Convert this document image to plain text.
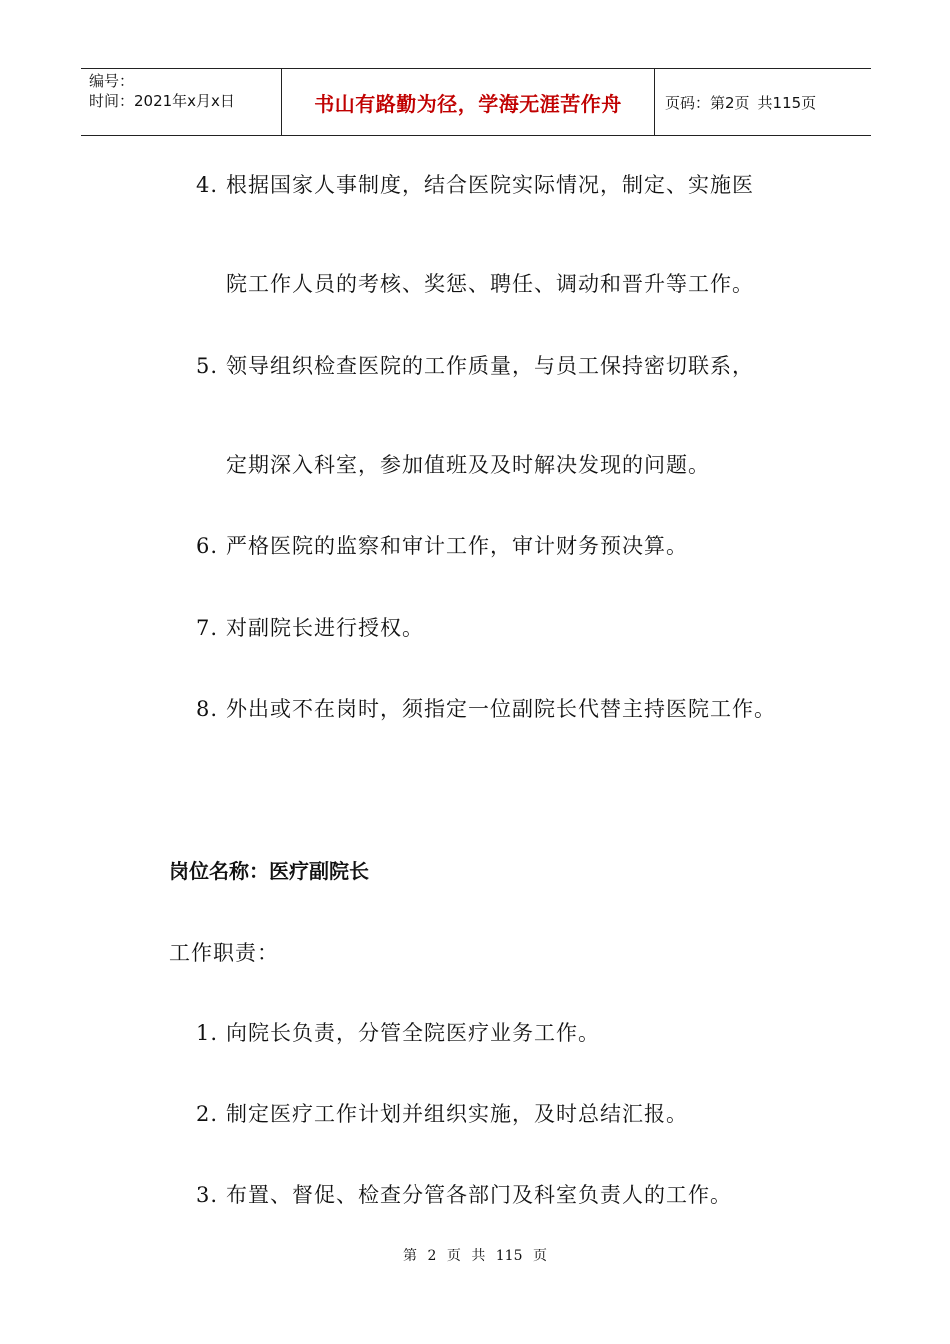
编号：
时间：2021年x月x日	书山有路勤为径，学海无涯苦作舟	页码：第2页 共115页
4. 根据国家人事制度，结合医院实际情况，制定、实施医
院工作人员的考核、奖惩、聘任、调动和晋升等工作。
5. 领导组织检查医院的工作质量，与员工保持密切联系，
定期深入科室，参加值班及及时解决发现的问题。
6. 严格医院的监察和审计工作，审计财务预决算。
7. 对副院长进行授权。
8. 外出或不在岗时，须指定一位副院长代替主持医院工作。
岗位名称：医疗副院长
工作职责：
1. 向院长负责，分管全院医疗业务工作。
2. 制定医疗工作计划并组织实施，及时总结汇报。
3. 布置、督促、检查分管各部门及科室负责人的工作。
第 2 页 共 115 页
